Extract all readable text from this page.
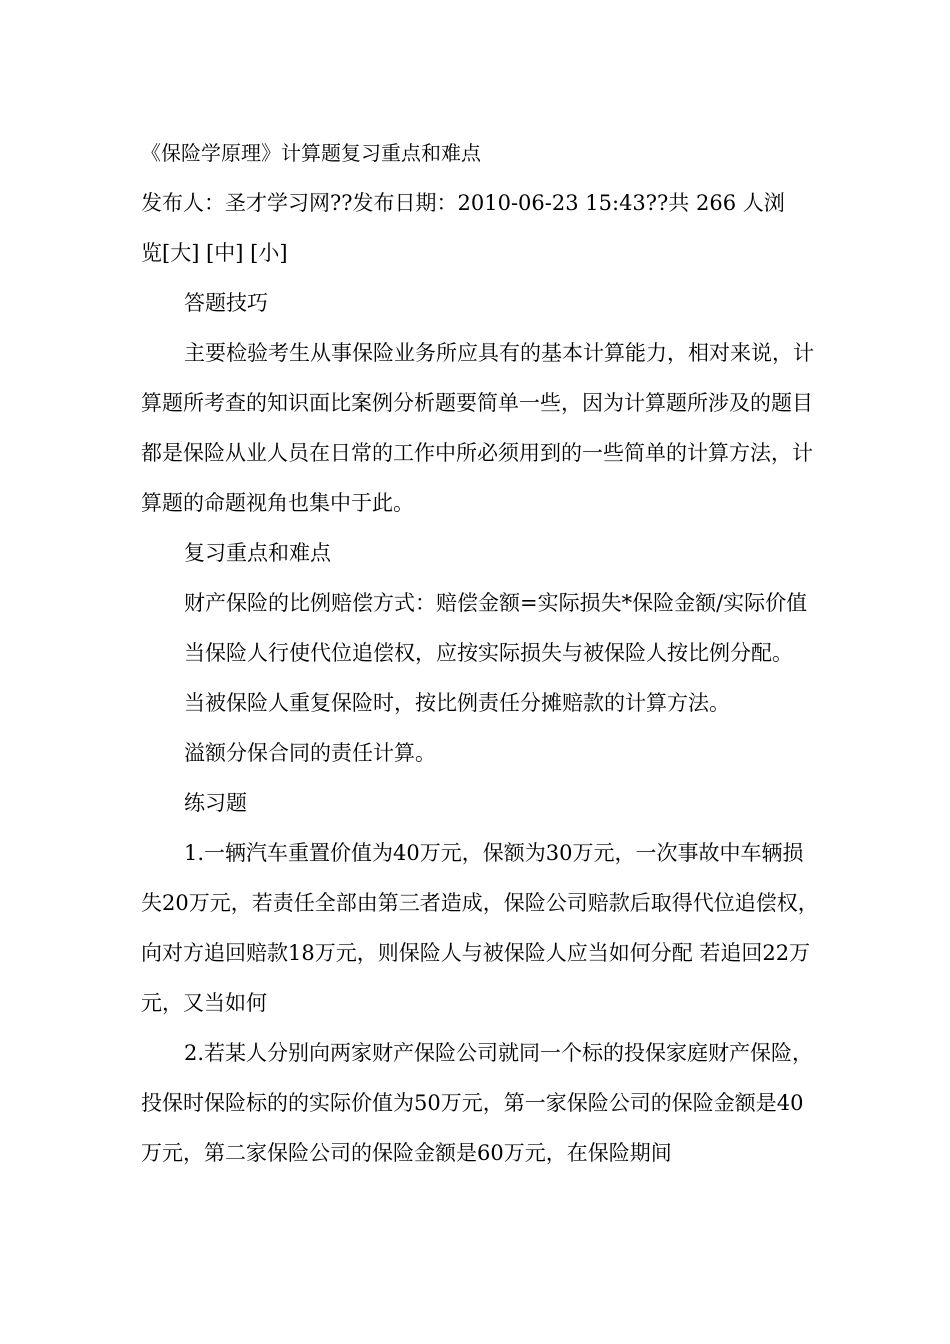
《保险学原理》计算题复习重点和难点

发布人：圣才学习网??发布日期：2010-06-23 15:43??共 266 人浏

览[大] [中] [小]

答题技巧

主要检验考生从事保险业务所应具有的基本计算能力，相对来说，计算题所考查的知识面比案例分析题要简单一些，因为计算题所涉及的题目都是保险从业人员在日常的工作中所必须用到的一些简单的计算方法，计算题的命题视角也集中于此。

复习重点和难点

财产保险的比例赔偿方式：赔偿金额=实际损失*保险金额/实际价值

当保险人行使代位追偿权，应按实际损失与被保险人按比例分配。

当被保险人重复保险时，按比例责任分摊赔款的计算方法。

溢额分保合同的责任计算。

练习题

1.一辆汽车重置价值为40万元，保额为30万元，一次事故中车辆损失20万元，若责任全部由第三者造成，保险公司赔款后取得代位追偿权，向对方追回赔款18万元，则保险人与被保险人应当如何分配 若追回22万元，又当如何

2.若某人分别向两家财产保险公司就同一个标的投保家庭财产保险，投保时保险标的的实际价值为50万元，第一家保险公司的保险金额是40万元，第二家保险公司的保险金额是60万元，在保险期间
